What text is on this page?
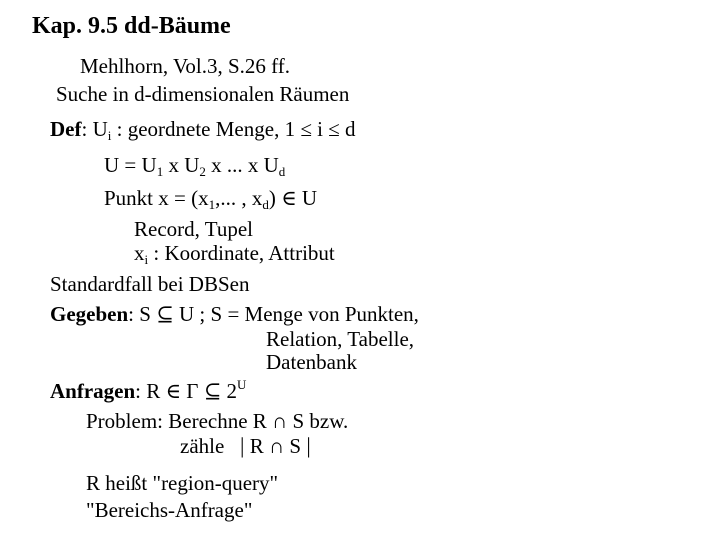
Kap. 9.5 dd-Bäume
Mehlhorn, Vol.3, S.26 ff.
Suche in d-dimensionalen Räumen
Def: $U_i$ : geordnete Menge, 1 ≤ i ≤ d
$U = U_1$ x $U_2$ x ... x $U_d$
Punkt $x = (x_1$,... , $x_d$) ∈ U
Record, Tupel
$x_i$ : Koordinate, Attribut
Standardfall bei DBSen
Gegeben: S ⊆ U ; S = Menge von Punkten,
Relation, Tabelle,
Datenbank
Anfragen: R ∈ Γ ⊆ $2^U$
Problem: Berechne R ∩ S bzw.
zähle | R ∩ S |
R heißt "region-query"
"Bereichs-Anfrage"
